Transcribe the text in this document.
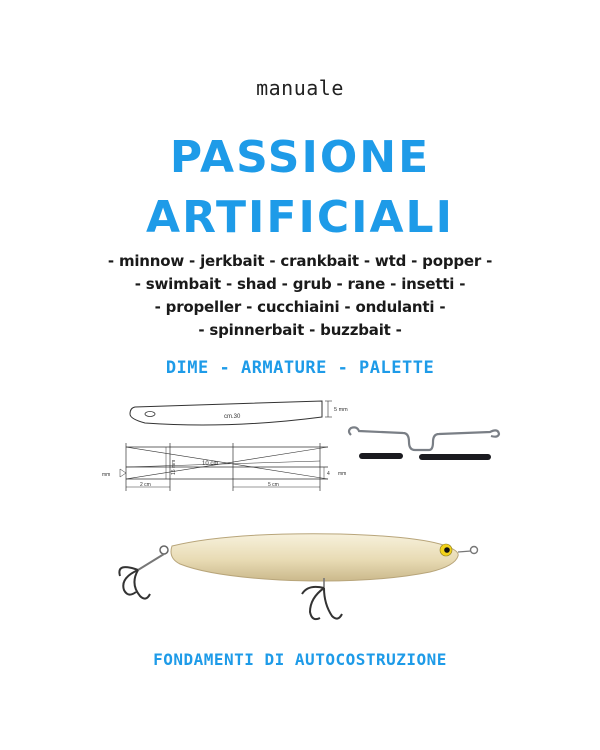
manuale
PASSIONE
ARTIFICIALI
- minnow - jerkbait - crankbait - wtd - popper -
- swimbait - shad - grub - rane - insetti -
- propeller - cucchiaini - ondulanti -
- spinnerbait - buzzbait -
DIME - ARMATURE - PALETTE
cm.30
5 mm
15 mm	10 cm
mm	4 mm
2 cm	5 cm
FONDAMENTI DI AUTOCOSTRUZIONE
